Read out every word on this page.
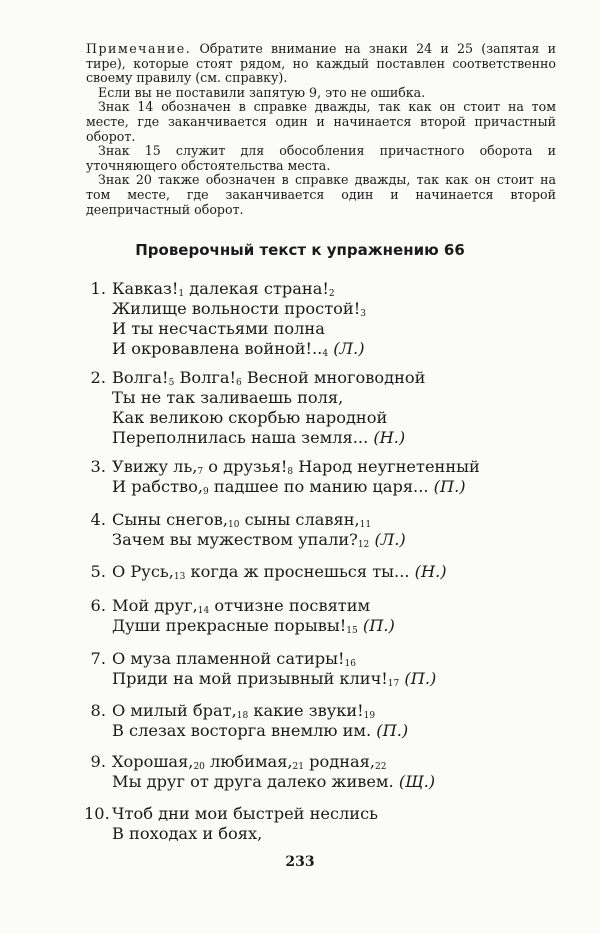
Примечание. Обратите внимание на знаки 24 и 25 (запятая и тире), которые стоят рядом, но каждый поставлен соответственно своему правилу (см. справку).

Если вы не поставили запятую 9, это не ошибка.

Знак 14 обозначен в справке дважды, так как он стоит на том месте, где заканчивается один и начинается второй причастный оборот.

Знак 15 служит для обособления причастного оборота и уточняющего обстоятельства места.

Знак 20 также обозначен в справке дважды, так как он стоит на том месте, где заканчивается один и начинается второй деепричастный оборот.

Проверочный текст к упражнению 66
1. $Кавказ!_1$ далекая $страна!_2$
Жилище вольности $простой!_3$
И ты несчастьями полна
И окровавлена $войной!.._4$ (Л.)
2. $Волга!_5$ $Волга!_6$ Весной многоводной
Ты не так заливаешь поля,
Как великою скорбью народной
Переполнилась наша земля... (Н.)
3. Увижу $ль,_7$ о $друзья!_8$ Народ неугнетенный
И $рабство,_9$ падшее по манию царя... (П.)
4. Сыны $снегов,_{10}$ сыны $славян,_{11}$
Зачем вы мужеством $упали?_{12}$ (Л.)
5. О $Русь,_{13}$ когда ж проснешься ты... (Н.)
6. Мой $друг,_{14}$ отчизне посвятим
Души прекрасные $порывы!_{15}$ (П.)
7. О муза пламенной $сатиры!_{16}$
Приди на мой призывный $клич!_{17}$ (П.)
8. О милый $брат,_{18}$ какие $звуки!_{19}$
В слезах восторга внемлю им. (П.)
9. $Хорошая,_{20}$ $любимая,_{21}$ $родная,_{22}$
Мы друг от друга далеко живем. (Щ.)
10. Чтоб дни мои быстрей неслись
В походах и боях,
233
